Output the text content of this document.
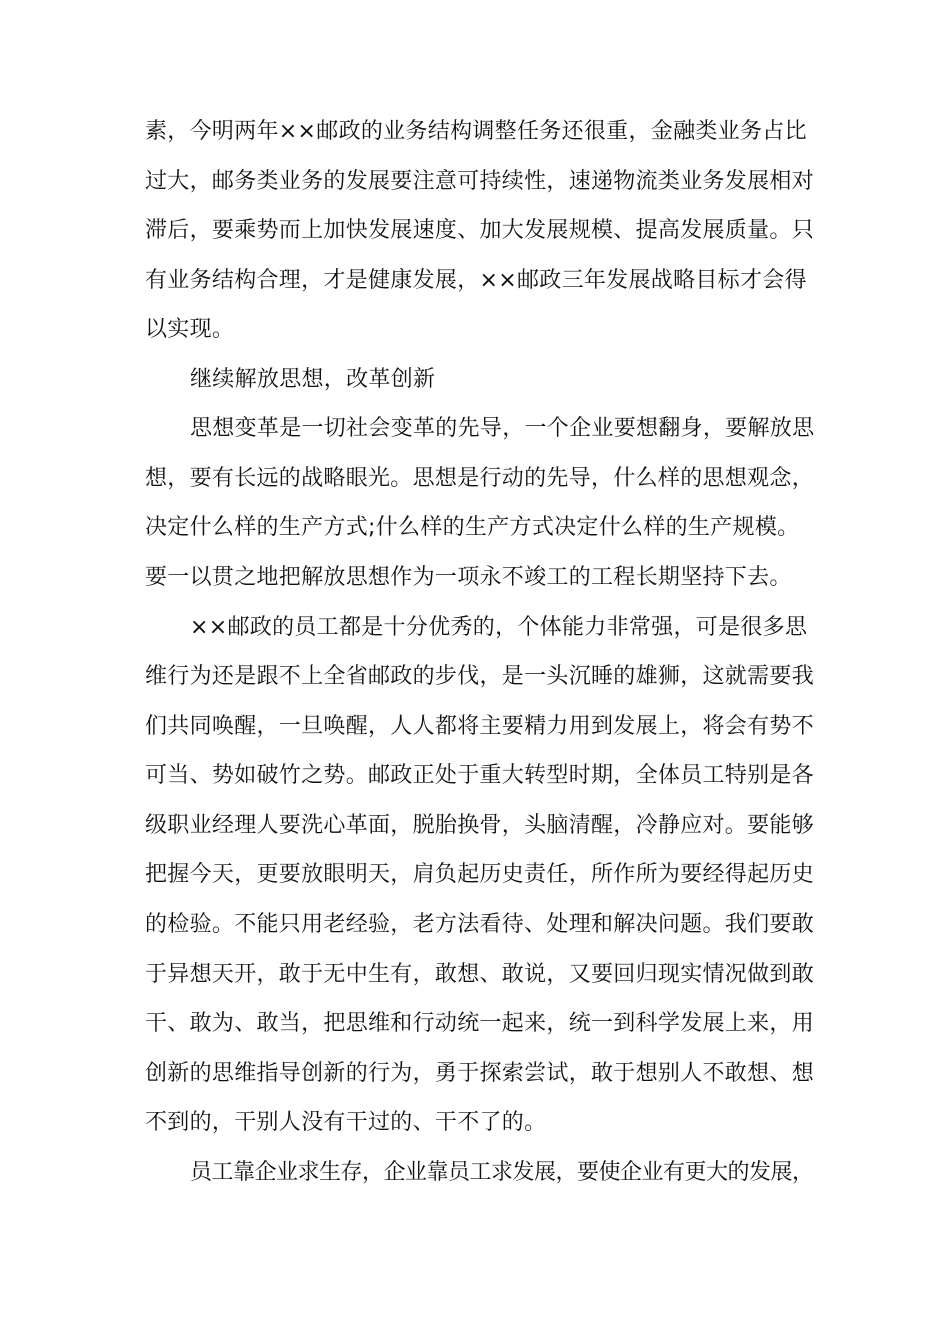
素，今明两年××邮政的业务结构调整任务还很重，金融类业务占比
过大，邮务类业务的发展要注意可持续性，速递物流类业务发展相对
滞后，要乘势而上加快发展速度、加大发展规模、提高发展质量。只
有业务结构合理，才是健康发展，××邮政三年发展战略目标才会得
以实现。
继续解放思想，改革创新
思想变革是一切社会变革的先导，一个企业要想翻身，要解放思
想，要有长远的战略眼光。思想是行动的先导，什么样的思想观念，
决定什么样的生产方式;什么样的生产方式决定什么样的生产规模。
要一以贯之地把解放思想作为一项永不竣工的工程长期坚持下去。
××邮政的员工都是十分优秀的，个体能力非常强，可是很多思
维行为还是跟不上全省邮政的步伐，是一头沉睡的雄狮，这就需要我
们共同唤醒，一旦唤醒，人人都将主要精力用到发展上，将会有势不
可当、势如破竹之势。邮政正处于重大转型时期，全体员工特别是各
级职业经理人要洗心革面，脱胎换骨，头脑清醒，冷静应对。要能够
把握今天，更要放眼明天，肩负起历史责任，所作所为要经得起历史
的检验。不能只用老经验，老方法看待、处理和解决问题。我们要敢
于异想天开，敢于无中生有，敢想、敢说，又要回归现实情况做到敢
干、敢为、敢当，把思维和行动统一起来，统一到科学发展上来，用
创新的思维指导创新的行为，勇于探索尝试，敢于想别人不敢想、想
不到的，干别人没有干过的、干不了的。
员工靠企业求生存，企业靠员工求发展，要使企业有更大的发展，
